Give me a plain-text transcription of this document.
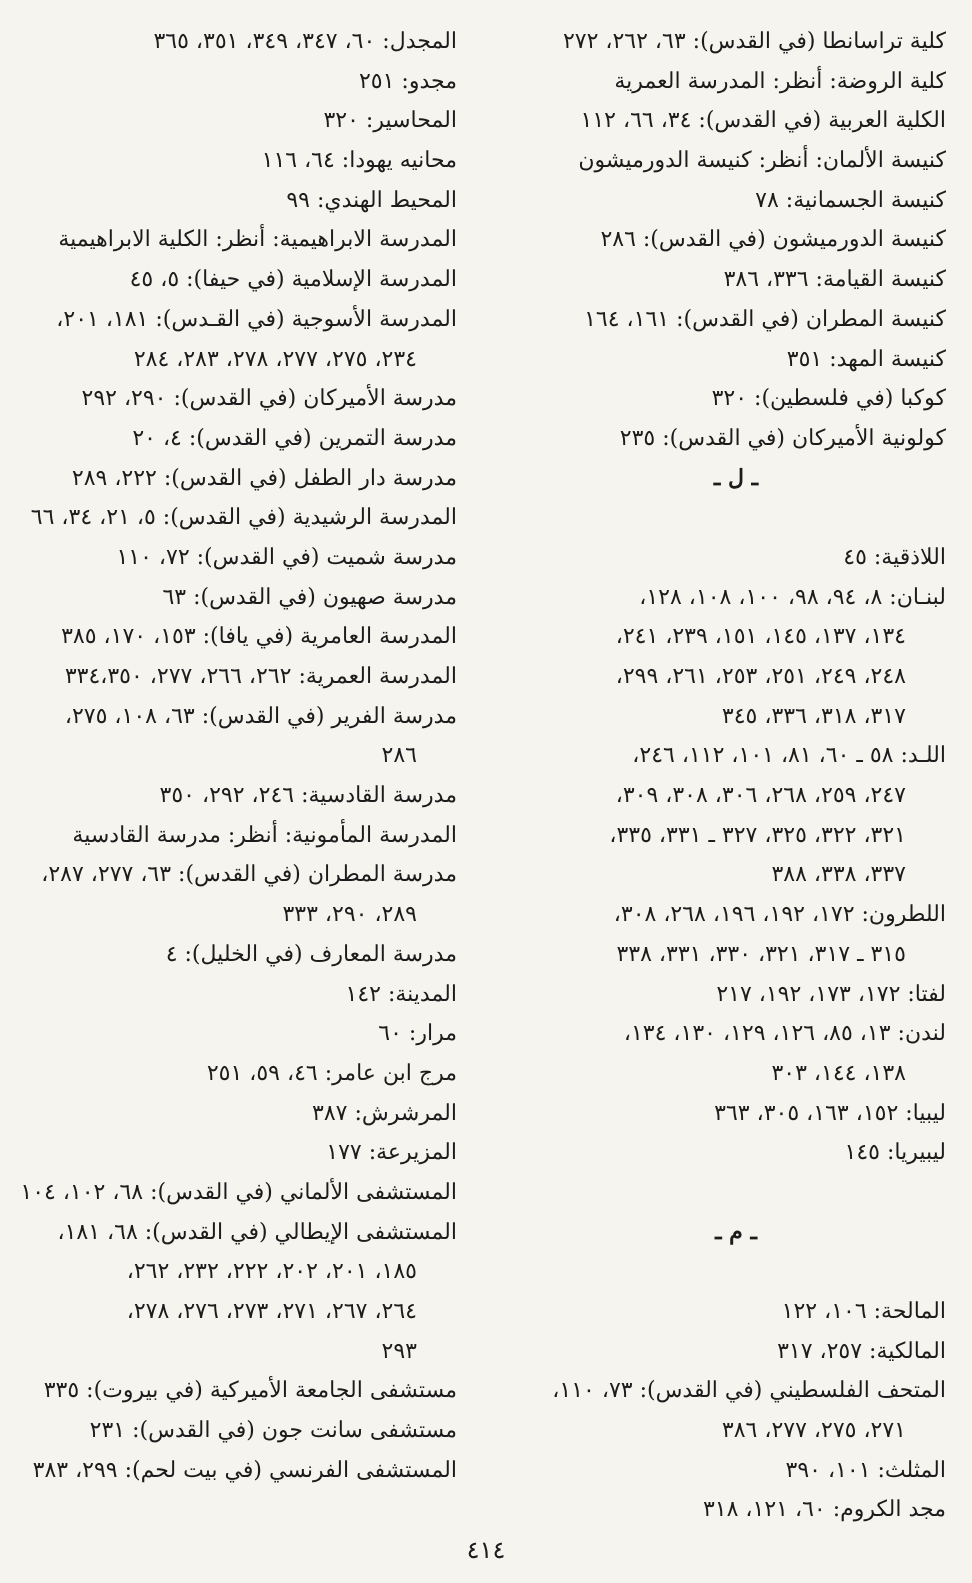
كلية تراسانطا (في القدس): ٦٣، ٢٦٢، ٢٧٢
كلية الروضة: أنظر: المدرسة العمرية
الكلية العربية (في القدس): ٣٤، ٦٦، ١١٢
كنيسة الألمان: أنظر: كنيسة الدورميشون
كنيسة الجسمانية: ٧٨
كنيسة الدورميشون (في القدس): ٢٨٦
كنيسة القيامة: ٣٣٦، ٣٨٦
كنيسة المطران (في القدس): ١٦١، ١٦٤
كنيسة المهد: ٣٥١
كوكبا (في فلسطين): ٣٢٠
كولونية الأميركان (في القدس): ٢٣٥
ـ ل ـ
اللاذقية: ٤٥
لبنـان: ٨، ٩٤، ٩٨، ١٠٠، ١٠٨، ١٢٨،
١٣٤، ١٣٧، ١٤٥، ١٥١، ٢٣٩، ٢٤١،
٢٤٨، ٢٤٩، ٢٥١، ٢٥٣، ٢٦١، ٢٩٩،
٣١٧، ٣١٨، ٣٣٦، ٣٤٥
اللـد: ٥٨ ـ ٦٠، ٨١، ١٠١، ١١٢، ٢٤٦،
٢٤٧، ٢٥٩، ٢٦٨، ٣٠٦، ٣٠٨، ٣٠٩،
٣٢١، ٣٢٢، ٣٢٥، ٣٢٧ ـ ٣٣١، ٣٣٥،
٣٣٧، ٣٣٨، ٣٨٨
اللطرون: ١٧٢، ١٩٢، ١٩٦، ٢٦٨، ٣٠٨،
٣١٥ ـ ٣١٧، ٣٢١، ٣٣٠، ٣٣١، ٣٣٨
لفتا: ١٧٢، ١٧٣، ١٩٢، ٢١٧
لندن: ١٣، ٨٥، ١٢٦، ١٢٩، ١٣٠، ١٣٤،
١٣٨، ١٤٤، ٣٠٣
ليبيا: ١٥٢، ١٦٣، ٣٠٥، ٣٦٣
ليبيريا: ١٤٥
ـ م ـ
المالحة: ١٠٦، ١٢٢
المالكية: ٢٥٧، ٣١٧
المتحف الفلسطيني (في القدس): ٧٣، ١١٠،
٢٧١، ٢٧٥، ٢٧٧، ٣٨٦
المثلث: ١٠١، ٣٩٠
مجد الكروم: ٦٠، ١٢١، ٣١٨
المجدل: ٦٠، ٣٤٧، ٣٤٩، ٣٥١، ٣٦٥
مجدو: ٢٥١
المحاسير: ٣٢٠
محانيه يهودا: ٦٤، ١١٦
المحيط الهندي: ٩٩
المدرسة الابراهيمية: أنظر: الكلية الابراهيمية
المدرسة الإسلامية (في حيفا): ٥، ٤٥
المدرسة الأسوجية (في القـدس): ١٨١، ٢٠١،
٢٣٤، ٢٧٥، ٢٧٧، ٢٧٨، ٢٨٣، ٢٨٤
مدرسة الأميركان (في القدس): ٢٩٠، ٢٩٢
مدرسة التمرين (في القدس): ٤، ٢٠
مدرسة دار الطفل (في القدس): ٢٢٢، ٢٨٩
المدرسة الرشيدية (في القدس): ٥، ٢١، ٣٤، ٦٦
مدرسة شميت (في القدس): ٧٢، ١١٠
مدرسة صهيون (في القدس): ٦٣
المدرسة العامرية (في يافا): ١٥٣، ١٧٠، ٣٨٥
المدرسة العمرية: ٢٦٢، ٢٦٦، ٢٧٧، ٣٣٤،٣٥٠
مدرسة الفرير (في القدس): ٦٣، ١٠٨، ٢٧٥،
٢٨٦
مدرسة القادسية: ٢٤٦، ٢٩٢، ٣٥٠
المدرسة المأمونية: أنظر: مدرسة القادسية
مدرسة المطران (في القدس): ٦٣، ٢٧٧، ٢٨٧،
٢٨٩، ٢٩٠، ٣٣٣
مدرسة المعارف (في الخليل): ٤
المدينة: ١٤٢
مرار: ٦٠
مرج ابن عامر: ٤٦، ٥٩، ٢٥١
المرشرش: ٣٨٧
المزيرعة: ١٧٧
المستشفى الألماني (في القدس): ٦٨، ١٠٢، ١٠٤
المستشفى الإيطالي (في القدس): ٦٨، ١٨١،
١٨٥، ٢٠١، ٢٠٢، ٢٢٢، ٢٣٢، ٢٦٢،
٢٦٤، ٢٦٧، ٢٧١، ٢٧٣، ٢٧٦، ٢٧٨،
٢٩٣
مستشفى الجامعة الأميركية (في بيروت): ٣٣٥
مستشفى سانت جون (في القدس): ٢٣١
المستشفى الفرنسي (في بيت لحم): ٢٩٩، ٣٨٣
٤١٤
